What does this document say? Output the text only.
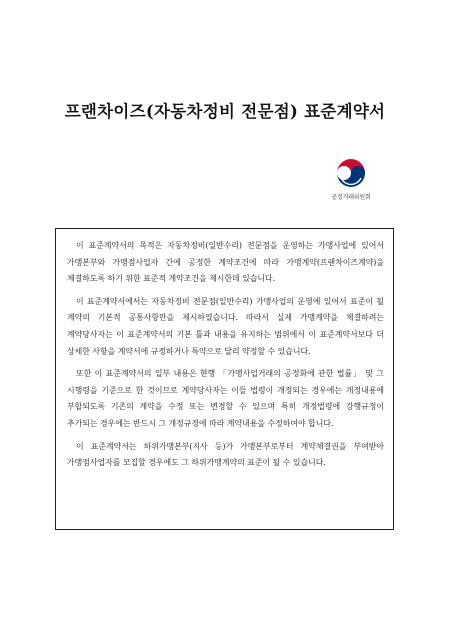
프랜차이즈(자동차정비 전문점) 표준계약서
공정거래위원회

이 표준계약서의 목적은 자동차정비(일반수리) 전문점을 운영하는 가맹사업에 있어서 가맹본부와 가맹점사업자 간에 공정한 계약조건에 따라 가맹계약(프랜차이즈계약)을 체결하도록 하기 위한 표준적 계약조건을 제시한데 있습니다.

이 표준계약서에서는 자동차정비 전문점(일반수리) 가맹사업의 운영에 있어서 표준이 될 계약의 기본적 공통사항만을 제시하였습니다. 따라서 실제 가맹계약을 체결하려는 계약당사자는 이 표준계약서의 기본 틀과 내용을 유지하는 범위에서 이 표준계약서보다 더 상세한 사항을 계약서에 규정하거나 특약으로 달리 약정할 수 있습니다.

또한 이 표준계약서의 일부 내용은 현행 「가맹사업거래의 공정화에 관한 법률」 및 그 시행령을 기준으로 한 것이므로 계약당사자는 이들 법령이 개정되는 경우에는 개정내용에 부합되도록 기존의 계약을 수정 또는 변경할 수 있으며 특히 개정법령에 강행규정이 추가되는 경우에는 반드시 그 개정규정에 따라 계약내용을 수정하여야 합니다.

이 표준계약서는 하위가맹본부(지사 등)가 가맹본부로부터 계약체결권을 부여받아 가맹점사업자를 모집할 경우에도 그 하위가맹계약의 표준이 될 수 있습니다.
